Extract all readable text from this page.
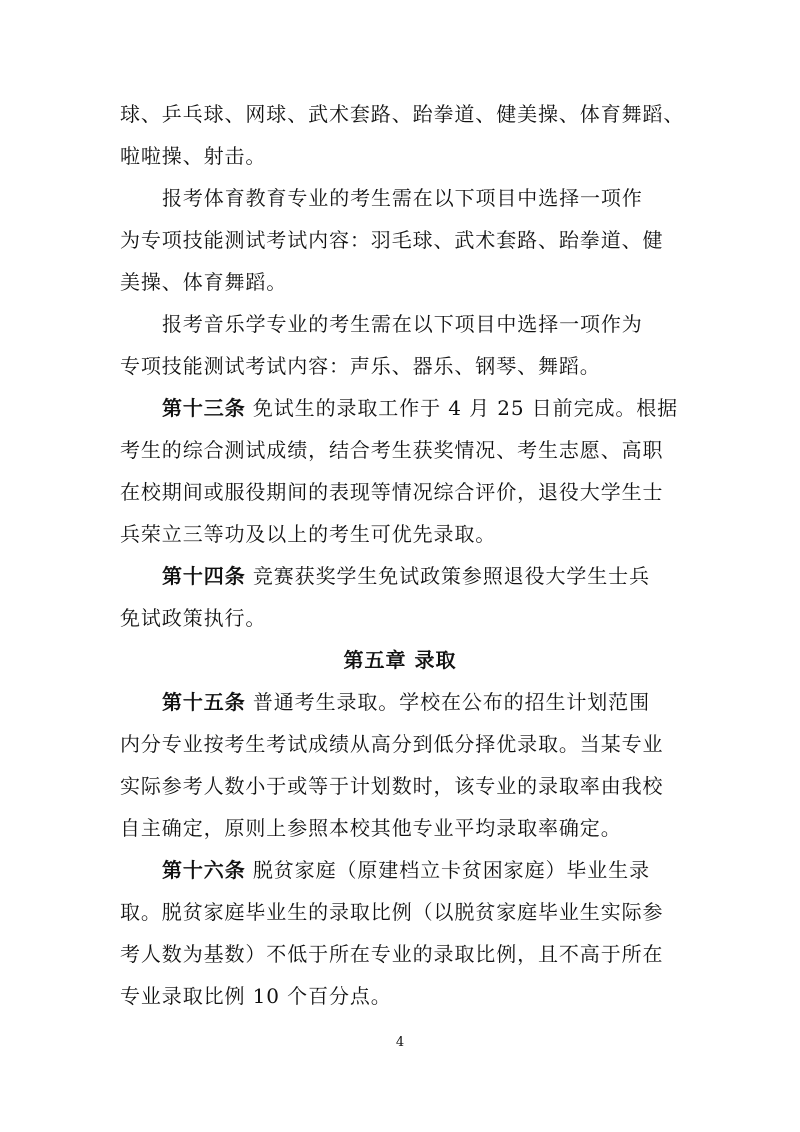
球、乒乓球、网球、武术套路、跆拳道、健美操、体育舞蹈、
啦啦操、射击。
报考体育教育专业的考生需在以下项目中选择一项作
为专项技能测试考试内容：羽毛球、武术套路、跆拳道、健
美操、体育舞蹈。
报考音乐学专业的考生需在以下项目中选择一项作为
专项技能测试考试内容：声乐、器乐、钢琴、舞蹈。
第十三条 免试生的录取工作于 4 月 25 日前完成。根据
考生的综合测试成绩，结合考生获奖情况、考生志愿、高职
在校期间或服役期间的表现等情况综合评价，退役大学生士
兵荣立三等功及以上的考生可优先录取。
第十四条 竞赛获奖学生免试政策参照退役大学生士兵
免试政策执行。
第五章 录取
第十五条 普通考生录取。学校在公布的招生计划范围
内分专业按考生考试成绩从高分到低分择优录取。当某专业
实际参考人数小于或等于计划数时，该专业的录取率由我校
自主确定，原则上参照本校其他专业平均录取率确定。
第十六条 脱贫家庭（原建档立卡贫困家庭）毕业生录
取。脱贫家庭毕业生的录取比例（以脱贫家庭毕业生实际参
考人数为基数）不低于所在专业的录取比例，且不高于所在
专业录取比例 10 个百分点。
4
